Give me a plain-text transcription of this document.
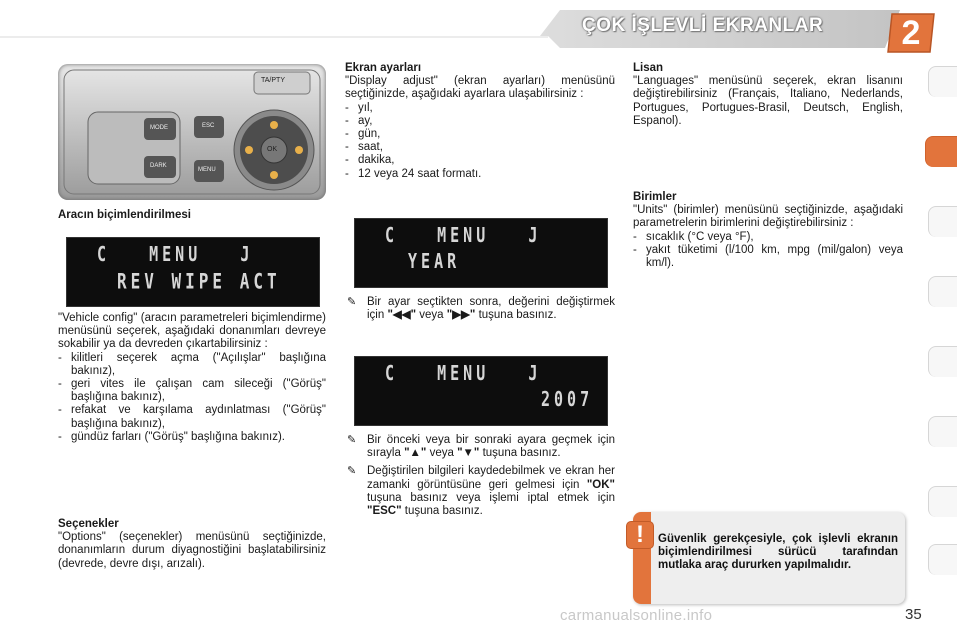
ÇOK İŞLEVLİ EKRANLAR	2
TA/PTY
MODE
DARK
ESC
MENU
OK

Aracın biçimlendirilmesi

C   MENU   J
REV WIPE ACT

"Vehicle config" (aracın parametreleri biçimlendirme) menüsünü seçerek, aşağıdaki donanımları devreye sokabilir ya da devreden çıkartabilirsiniz :

- kilitleri seçerek açma ("Açılışlar" başlığına bakınız),
- geri vites ile çalışan cam sileceği ("Görüş" başlığına bakınız),
- refakat ve karşılama aydınlatması ("Görüş" başlığına bakınız),
- gündüz farları ("Görüş" başlığına bakınız).

Seçenekler

"Options" (seçenekler) menüsünü seçtiğinizde, donanımların durum diyagnostiğini başlatabilirsiniz (devrede, devre dışı, arızalı).

Ekran ayarları

"Display adjust" (ekran ayarları) menüsünü seçtiğinizde, aşağıdaki ayarlara ulaşabilirsiniz :

- yıl,
- ay,
- gün,
- saat,
- dakika,
- 12 veya 24 saat formatı.
C   MENU   J
YEAR
✎ Bir ayar seçtikten sonra, değerini değiştirmek için "◀◀" veya "▶▶" tuşuna basınız.
C   MENU   J
2007
✎ Bir önceki veya bir sonraki ayara geçmek için sırayla "▲" veya "▼" tuşuna basınız.
✎ Değiştirilen bilgileri kaydedebilmek ve ekran her zamanki görüntüsüne geri gelmesi için "OK" tuşuna basınız veya işlemi iptal etmek için "ESC" tuşuna basınız.

Lisan

"Languages" menüsünü seçerek, ekran lisanını değiştirebilirsiniz (Français, Italiano, Nederlands, Portugues, Portugues-Brasil, Deutsch, English, Espanol).

Birimler

"Units" (birimler) menüsünü seçtiğinizde, aşağıdaki parametrelerin birimlerini değiştirebilirsiniz :

- sıcaklık (°C veya °F),
- yakıt tüketimi (l/100 km, mpg (mil/galon) veya km/l).
!	Güvenlik gerekçesiyle, çok işlevli ekranın biçimlendirilmesi sürücü tarafından mutlaka araç dururken yapılmalıdır.
carmanualsonline.info	35
